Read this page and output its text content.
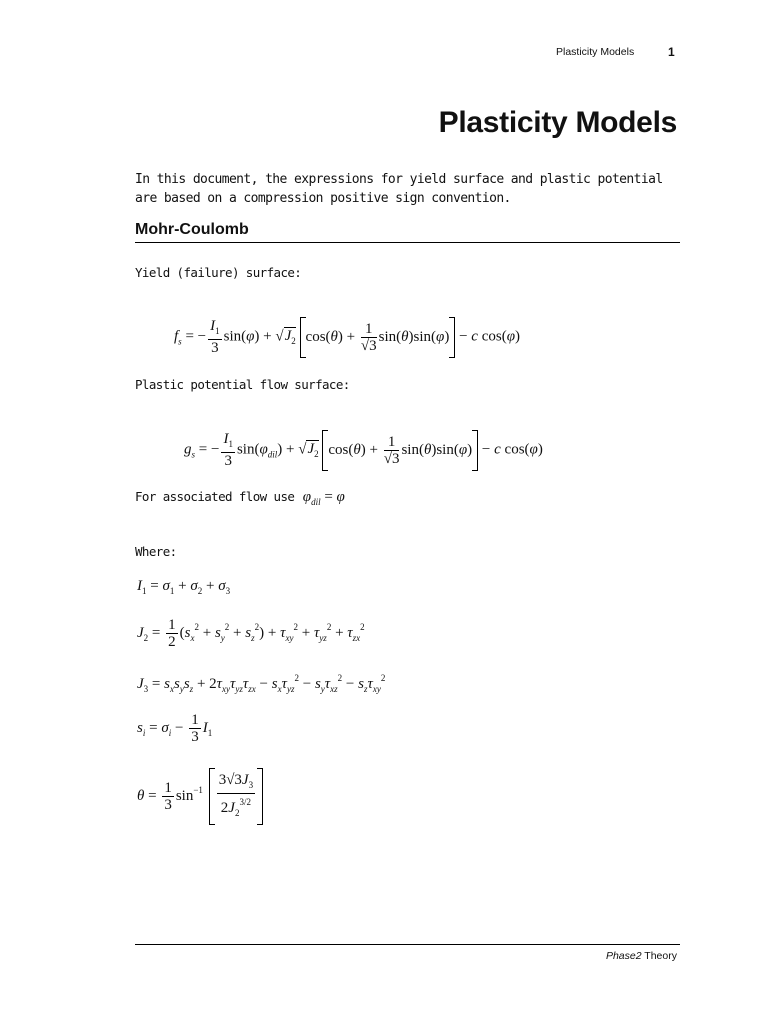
Plasticity Models	1
Plasticity Models
In this document, the expressions for yield surface and plastic potential are based on a compression positive sign convention.
Mohr-Coulomb
Yield (failure) surface:
$f_s$ = − $\frac{I_1}{3} \sin(\varphi) + √J_2$ $\cos(\theta) + \frac{1}{√3} \sin(\theta)\sin(\varphi) - c$ cos(φ)
Plastic potential flow surface:
$g_s$ = − $\frac{I_1}{3} \sin(\varphi_{dil}) + √J_2$ $\cos(\theta) + \frac{1}{√3} \sin(\theta)\sin(\varphi) - c$ cos(φ)
For associated flow use $\varphi_{dil} = \varphi$
Where:
$I_1 = \sigma_1 + \sigma_2 + \sigma_3$
$J_2 = \frac{1}{2} (s_x^2 + s_y^2 + s_z^2) + \tau_{xy}^2 + \tau_{yz}^2 + \tau_{zx}^2$
$J_3 = s_xs_ys_z + 2\tau_{xy}\tau_{yz}\tau_{zx} - s_x\tau_{yz}^2 - s_y\tau_{xz}^2 - s_z\tau_{xy}^2$
$s_i = \sigma_i - \frac{1}{3} I_1$
$\theta = \frac{1}{3} \sin^{-1} \frac{3√3J_3}{2J_2^{3/2}}$
Phase2 Theory
